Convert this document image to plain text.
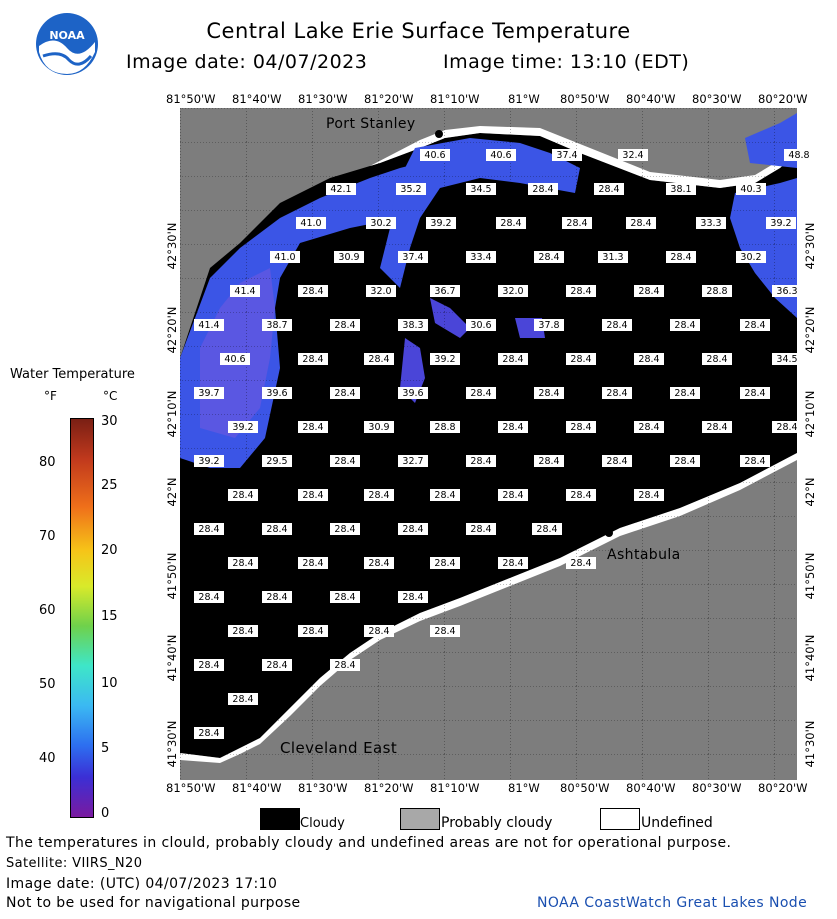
NOAA	Central Lake Erie Surface Temperature
Image date: 04/07/2023	Image time: 13:10 (EDT)
81°50'W 81°40'W 81°30'W 81°20'W 81°10'W 81°W 80°50'W 80°40'W 80°30'W 80°20'W
81°50'W 81°40'W 81°30'W 81°20'W 81°10'W 81°W 80°50'W 80°40'W 80°30'W 80°20'W
42°30'N
42°20'N
42°10'N
42°N
41°50'N
41°40'N
41°30'N
42°30'N
42°20'N
42°10'N
42°N
41°50'N
41°40'N
41°30'N
40.6	40.6	37.4	32.4	48.8
42.1	35.2	34.5	28.4	28.4	38.1	40.3
41.0	30.2	39.2	28.4	28.4	28.4	33.3	39.2
41.0	30.9	37.4	33.4	28.4	31.3	28.4	30.2
41.4	28.4	32.0	36.7	32.0	28.4	28.4	28.8	36.3
41.4	38.7	28.4	38.3	30.6	37.8	28.4	28.4	28.4
40.6	28.4	28.4	39.2	28.4	28.4	28.4	28.4	34.5
39.7	39.6	28.4	39.6	28.4	28.4	28.4	28.4	28.4
39.2	28.4	30.9	28.8	28.4	28.4	28.4	28.4	28.4
39.2	29.5	28.4	32.7	28.4	28.4	28.4	28.4	28.4
28.4	28.4	28.4	28.4	28.4	28.4	28.4
28.4	28.4	28.4	28.4	28.4	28.4
28.4	28.4	28.4	28.4	28.4	28.4
28.4	28.4	28.4	28.4
28.4	28.4	28.4	28.4
28.4	28.4	28.4
28.4
28.4
Port Stanley
Ashtabula
Cleveland East
Water Temperature
°F	°C
80
70
60
50
40
30
25
20
15
10
5
0
Cloudy	Probably cloudy	Undefined
The temperatures in clould, probably cloudy and undefined areas are not for operational purpose.
Satellite: VIIRS_N20
Image date: (UTC) 04/07/2023 17:10
Not to be used for navigational purpose	NOAA CoastWatch Great Lakes Node
